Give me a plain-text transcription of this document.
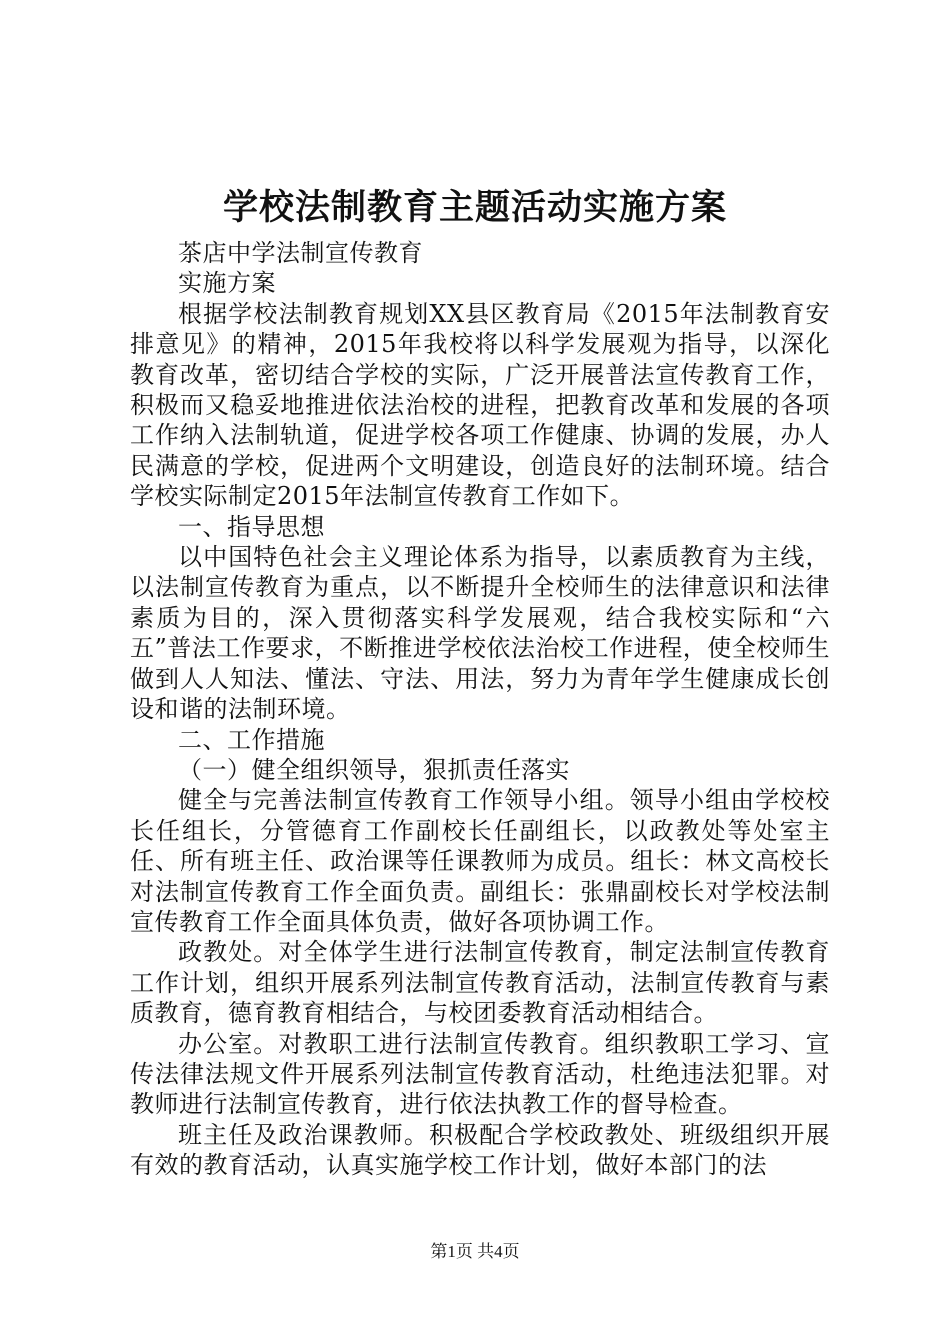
学校法制教育主题活动实施方案

茶店中学法制宣传教育

实施方案

根据学校法制教育规划XX县区教育局《2015年法制教育安排意见》的精神，2015年我校将以科学发展观为指导，以深化教育改革，密切结合学校的实际，广泛开展普法宣传教育工作，积极而又稳妥地推进依法治校的进程，把教育改革和发展的各项工作纳入法制轨道，促进学校各项工作健康、协调的发展，办人民满意的学校，促进两个文明建设，创造良好的法制环境。结合学校实际制定2015年法制宣传教育工作如下。

一、指导思想

以中国特色社会主义理论体系为指导，以素质教育为主线，以法制宣传教育为重点，以不断提升全校师生的法律意识和法律素质为目的，深入贯彻落实科学发展观，结合我校实际和“六五”普法工作要求，不断推进学校依法治校工作进程，使全校师生做到人人知法、懂法、守法、用法，努力为青年学生健康成长创设和谐的法制环境。

二、工作措施

（一）健全组织领导，狠抓责任落实

健全与完善法制宣传教育工作领导小组。领导小组由学校校长任组长，分管德育工作副校长任副组长，以政教处等处室主任、所有班主任、政治课等任课教师为成员。组长：林文高校长对法制宣传教育工作全面负责。副组长：张鼎副校长对学校法制宣传教育工作全面具体负责，做好各项协调工作。

政教处。对全体学生进行法制宣传教育，制定法制宣传教育工作计划，组织开展系列法制宣传教育活动，法制宣传教育与素质教育，德育教育相结合，与校团委教育活动相结合。

办公室。对教职工进行法制宣传教育。组织教职工学习、宣传法律法规文件开展系列法制宣传教育活动，杜绝违法犯罪。对教师进行法制宣传教育，进行依法执教工作的督导检查。

班主任及政治课教师。积极配合学校政教处、班级组织开展有效的教育活动，认真实施学校工作计划，做好本部门的法

第1页 共4页
